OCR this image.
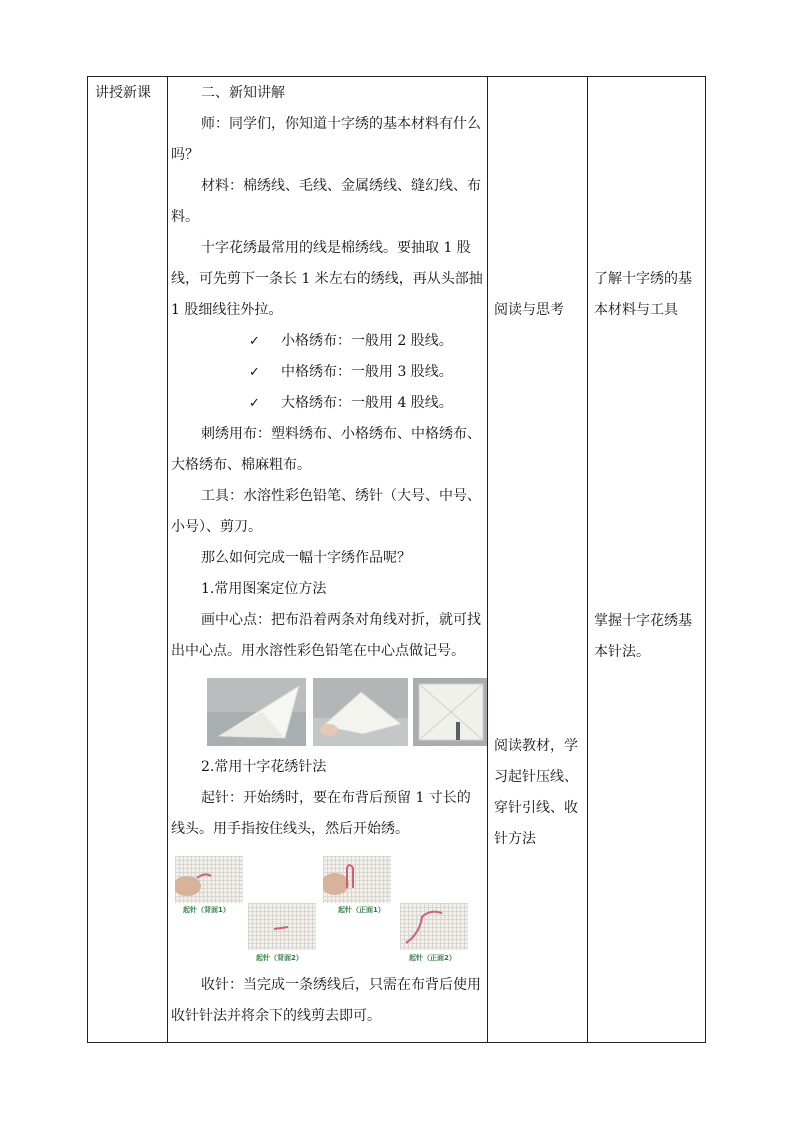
讲授新课	二、新知讲解
师：同学们，你知道十字绣的基本材料有什么吗？
材料：棉绣线、毛线、金属绣线、缝幻线、布料。
十字花绣最常用的线是棉绣线。要抽取 1 股线，可先剪下一条长 1 米左右的绣线，再从头部抽 1 股细线往外拉。
✓ 小格绣布：一般用 2 股线。
✓ 中格绣布：一般用 3 股线。
✓ 大格绣布：一般用 4 股线。
刺绣用布：塑料绣布、小格绣布、中格绣布、大格绣布、棉麻粗布。
工具：水溶性彩色铅笔、绣针（大号、中号、小号）、剪刀。
那么如何完成一幅十字绣作品呢？
1.常用图案定位方法
画中心点：把布沿着两条对角线对折，就可找出中心点。用水溶性彩色铅笔在中心点做记号。
2.常用十字花绣针法
起针：开始绣时，要在布背后预留 1 寸长的线头。用手指按住线头，然后开始绣。
起针（背面1）
起针（背面2）
起针（正面1）
起针（正面2）
收针：当完成一条绣线后，只需在布背后使用收针针法并将余下的线剪去即可。
阅读与思考
阅读教材，学习起针压线、穿针引线、收针方法
了解十字绣的基本材料与工具
掌握十字花绣基本针法。
